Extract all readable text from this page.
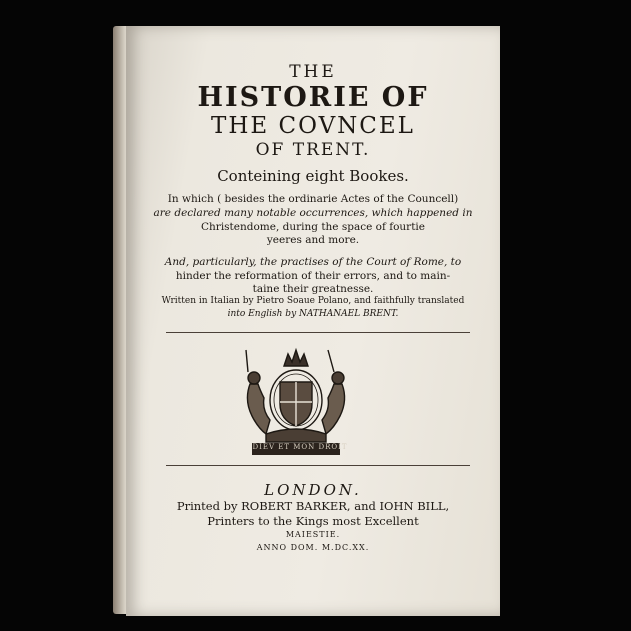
THE
HISTORIE OF
THE COVNCEL
OF TRENT.
Conteining eight Bookes.
In which ( besides the ordinarie Actes of the Councell)
are declared many notable occurrences, which happened in
Christendome, during the space of fourtie
yeeres and more.
And, particularly, the practises of the Court of Rome, to
hinder the reformation of their errors, and to main-
taine their greatnesse.
Written in Italian by Pietro Soaue Polano, and faithfully translated
into English by NATHANAEL BRENT.
DIEV ET MON DROIT
LONDON.
Printed by ROBERT BARKER, and IOHN BILL,
Printers to the Kings most Excellent
MAIESTIE.
ANNO DOM. M.DC.XX.
